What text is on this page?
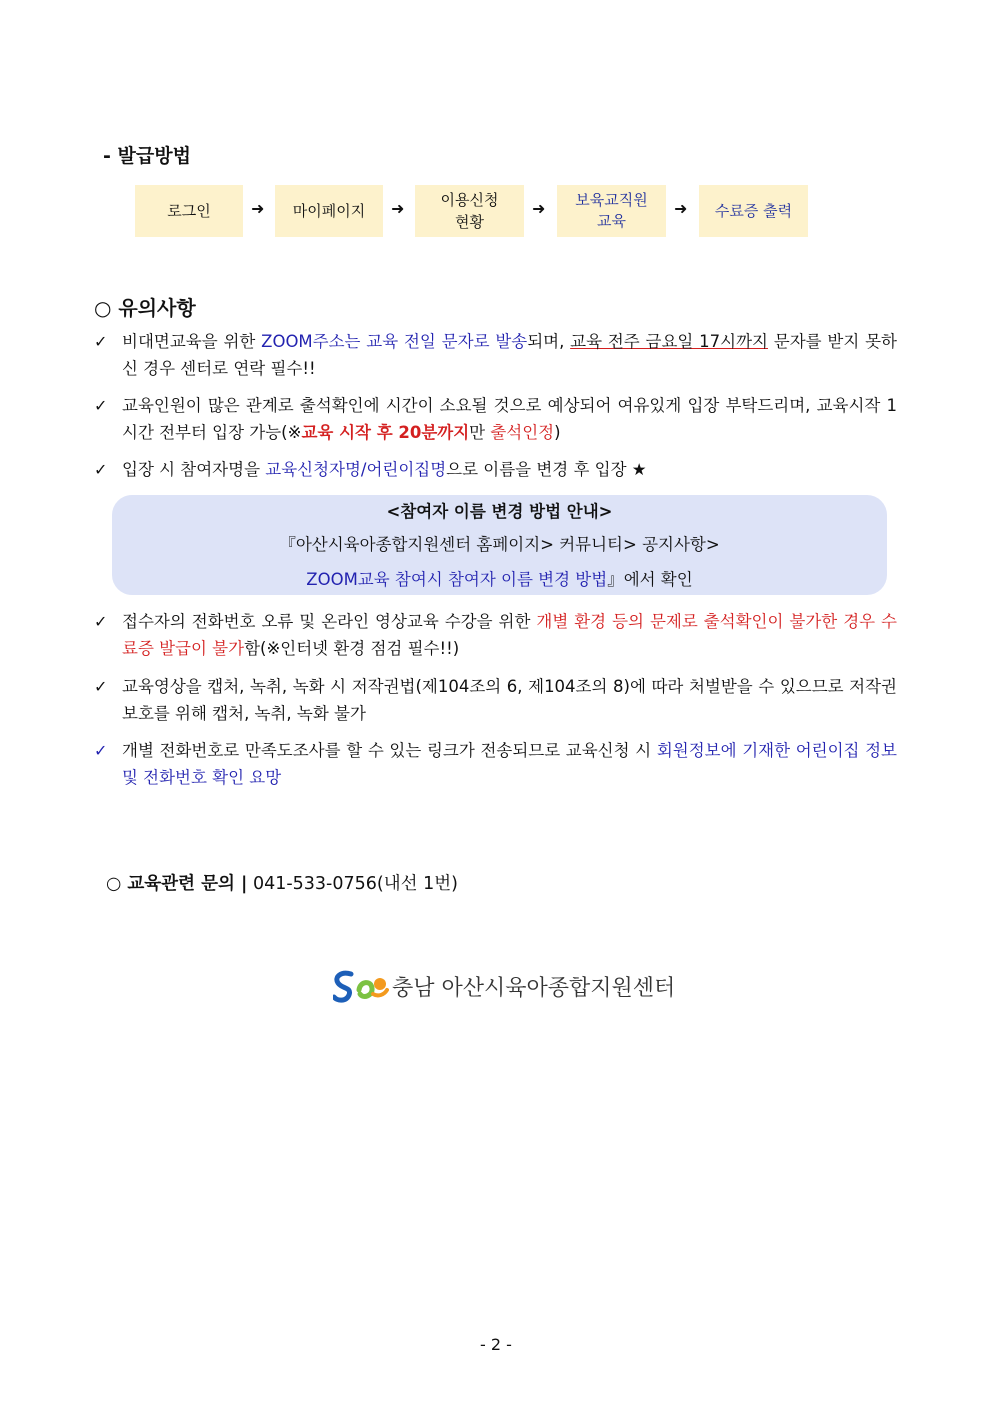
- 발급방법
로그인	➜ 마이페이지 ➜ 이용신청
현황
➜ 보육교직원
교육
➜ 수료증 출력
○ 유의사항
✓ 비대면교육을 위한 ZOOM주소는 교육 전일 문자로 발송되며, 교육 전주 금요일 17시까지 문자를 받지 못하신 경우 센터로 연락 필수!!
✓ 교육인원이 많은 관계로 출석확인에 시간이 소요될 것으로 예상되어 여유있게 입장 부탁드리며, 교육시작 1시간 전부터 입장 가능(※교육 시작 후 20분까지만 출석인정)
✓ 입장 시 참여자명을 교육신청자명/어린이집명으로 이름을 변경 후 입장 ★
<참여자 이름 변경 방법 안내>
『아산시육아종합지원센터 홈페이지> 커뮤니티> 공지사항>
ZOOM교육 참여시 참여자 이름 변경 방법』에서 확인
✓ 접수자의 전화번호 오류 및 온라인 영상교육 수강을 위한 개별 환경 등의 문제로 출석확인이 불가한 경우 수료증 발급이 불가함(※인터넷 환경 점검 필수!!)
✓ 교육영상을 캡처, 녹취, 녹화 시 저작권법(제104조의 6, 제104조의 8)에 따라 처벌받을 수 있으므로 저작권 보호를 위해 캡처, 녹취, 녹화 불가
✓ 개별 전화번호로 만족도조사를 할 수 있는 링크가 전송되므로 교육신청 시 회원정보에 기재한 어린이집 정보 및 전화번호 확인 요망
○ 교육관련 문의 | 041-533-0756(내선 1번)
충남 아산시육아종합지원센터
- 2 -
